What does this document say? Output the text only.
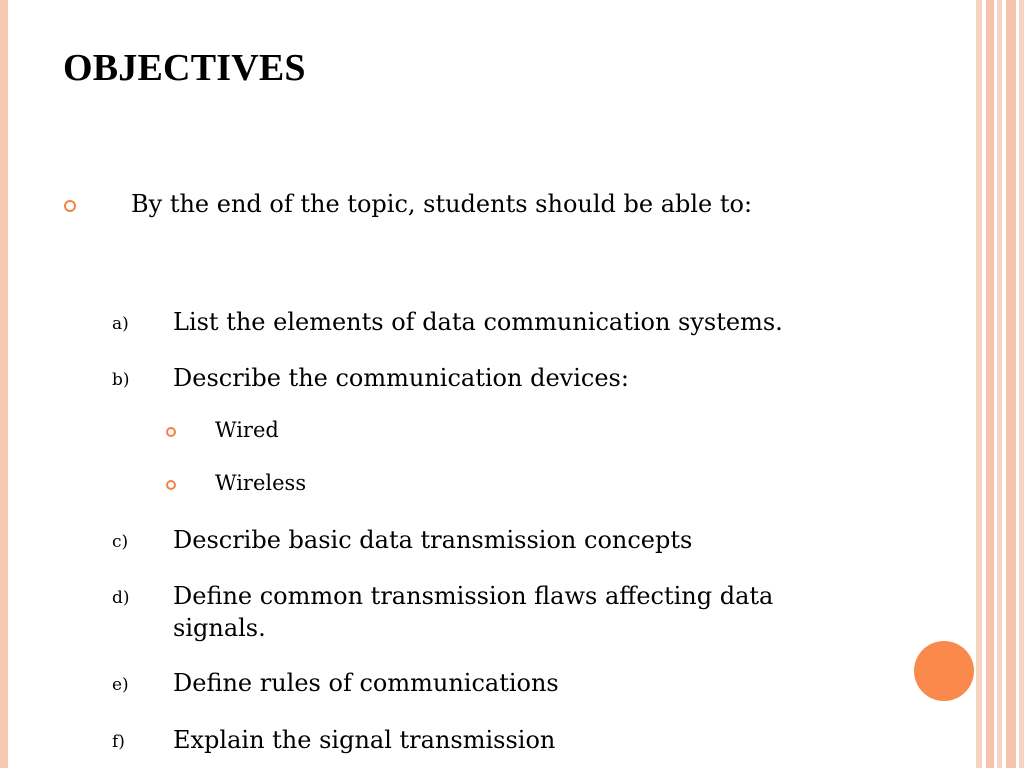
OBJECTIVES
By the end of the topic, students should be able to:
a) List the elements of data communication systems.
b) Describe the communication devices:
Wired
Wireless
c) Describe basic data transmission concepts
d) Define common transmission flaws affecting data signals.
e) Define rules of communications
f) Explain the signal transmission
